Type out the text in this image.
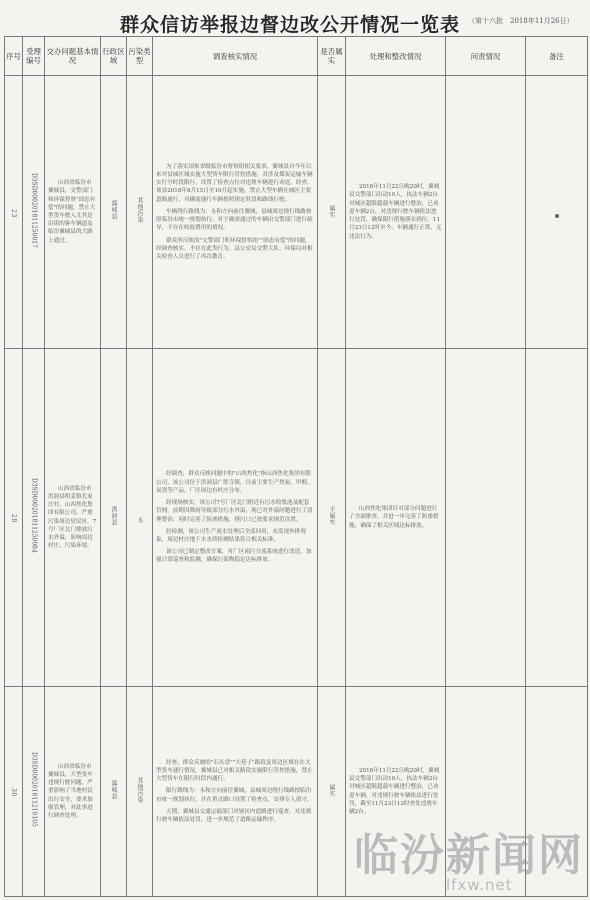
群众信访举报边督边改公开情况一览表 （第十六批　2018年11月26日）
序号	受理编号	交办问题基本情况	行政区域	污染类型	调查核实情况	是否属实	处理和整改情况	问责情况	备注
23	D3SD000201811250017	山西省临汾市翼城县，交警部门和环保督察"固态有偿"的问题，禁止大型货车驶入尤其是沿街的客车辆道及临汾翼城县的大路上通过。	翼城县	其他污染	为了落实国家省级临汾市督察组相关要求，翼城县自今年以来对县城区域实施大型货车限行管控措施，对涉及煤炭运输车辆实行分时段限行，设置了检查点位对违规车辆进行劝返。经查，该县2018年8月15日至10月起实施，禁止大型车辆在城区主要道路通行，对确需通行车辆按照规定时段和路线行驶。
车辆绕行路线为：永和方向前往翼城，县城周边绕行线路按照临汾市统一规划执行，对于确需通过的车辆由交警部门进行疏导，不存在收取费用的情况。
群众所反映的"交警部门和环保督察组""固态有偿"的问题，经调查核实，不存在此类行为。县公安局交警大队、环保局对相关检查人员进行了再次教育。	属实	2018年11月22日晚20时，翼城县交警部门出动10人，执法车辆2台对城区超限超载车辆进行整治，已劝返车辆2台，对违规行驶车辆依法进行处罚，确保限行措施落实到位。11月23日12时至今，车辆通行正常，无违法行为。		

28	D3SD000201811250084	山西省临汾市洪洞县明姜镇孔家庄村，山西焦化集团有限公司，严重污染周边居民区，7号厂区北门排放污水外溢，影响周边村庄，污染环境。	洪洞县	水	经调查，群众反映问题中的"山西焦化"指山西焦化集团有限公司，该公司位于洪洞县广胜寺镇，目前主要生产焦炭、甲醇、炭黑等产品，厂区周边有村庄分布。
经现场核实，该公司7号厂区北门附近有污水收集池及配套管网，前期因降雨导致部分污水外溢，现已对外溢问题进行了清理整治，同时完善了防渗措施，排污口已按要求规范设置。
经检测，该公司生产废水处理后全部回用，未发现外排现象，周边村庄地下水水质检测结果符合相关标准。
该公司已制定整改方案，对厂区雨污分流系统进行改造，加强日常巡查和监测，确保污染物稳定达标排放。	不属实	山西焦化集团针对部分问题进行了全面排查，并进一步完善了防渗措施，确保了相关区域达标排放。		

30	D3SD000201811210105	山西省临汾市翼城县，大型货车违规行驶问题，严重影响了当地村民出行安全，要求加强管理，对此事进行调查处理。	翼城县	其他污染	经查，群众反映的"石头盘""大巷子"路段及周边区域存在大型货车通行情况，翼城县已对相关路段实施限行管控措施，禁止大型货车在限行时段内通行。
限行路线为：永和方向前往翼城，县城周边绕行线路按临汾市统一规划执行，并在重点路口设置了检查点，安排专人值守。
五期，翼城县交通运输部门对辖区内道路进行巡查，对违规行驶车辆依法处罚，进一步规范了道路运输秩序。	属实	2018年11月22日晚20时，翼城县交警部门出动10人，执法车辆2台对城区超限超载车辆进行整治，已劝返车辆，对违规行驶车辆依法进行处罚，截至11月23日12时查处违规车辆2台。		

临汾新闻网
lfxw.net
